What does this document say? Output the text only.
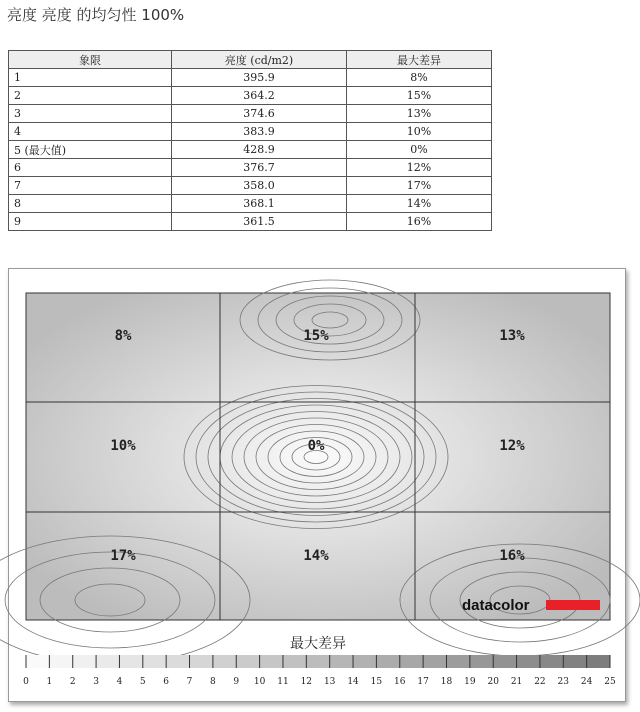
亮度 亮度 的均匀性 100%
象限	亮度 (cd/m2)	最大差异
1	395.9	8%
2	364.2	15%
3	374.6	13%
4	383.9	10%
5 (最大值)	428.9	0%
6	376.7	12%
7	358.0	17%
8	368.1	14%
9	361.5	16%
8%	15%	13%
10%	0%	12%
17%	14%	16%
datacolor
最大差异
0 1 2 3 4 5 6 7 8 9 10 11 12 13 14 15 16 17 18 19 20 21 22 23 24 25
